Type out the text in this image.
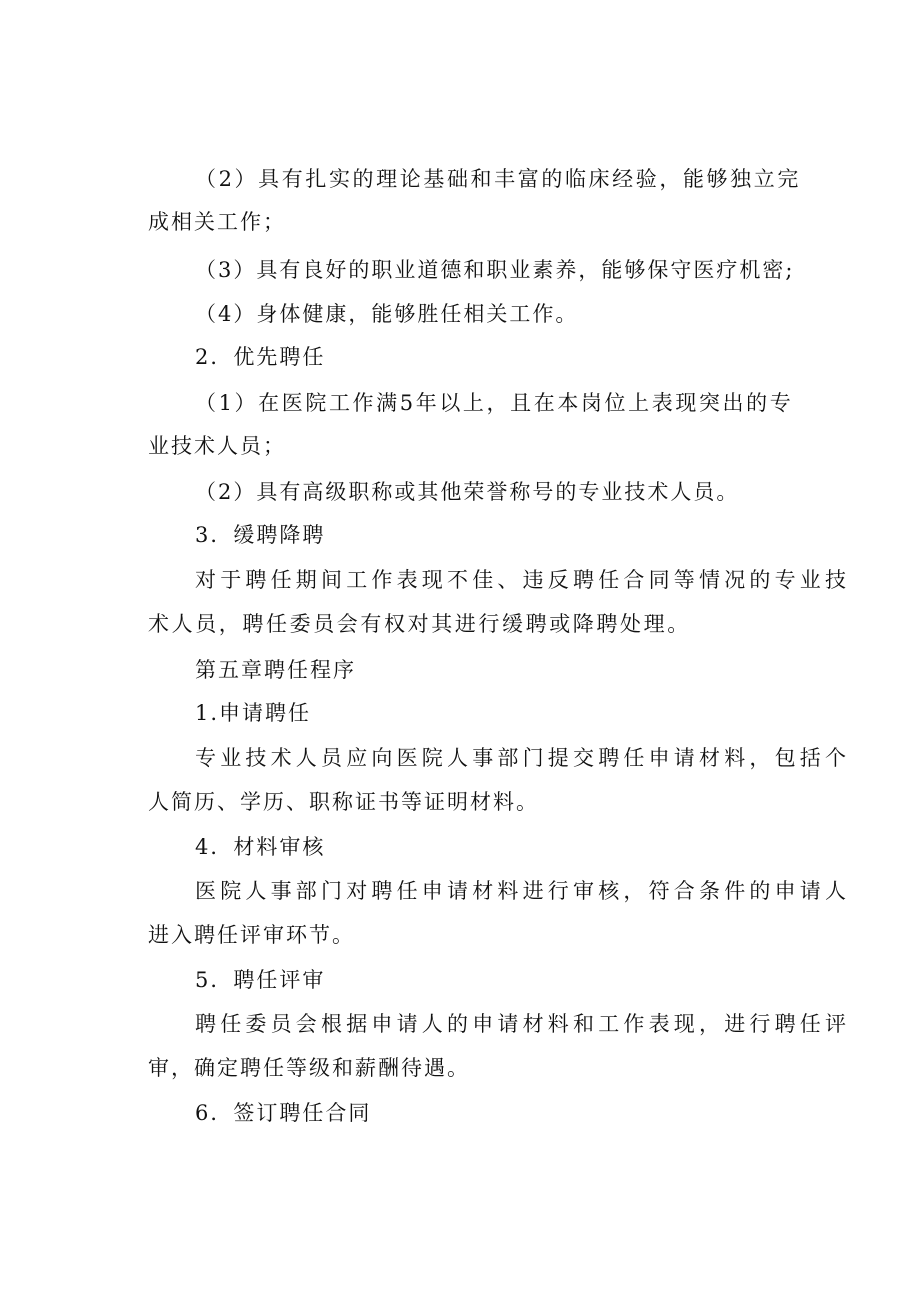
（2）具有扎实的理论基础和丰富的临床经验，能够独立完
成相关工作；
（3）具有良好的职业道德和职业素养，能够保守医疗机密;
（4）身体健康，能够胜任相关工作。
2．优先聘任
（1）在医院工作满5年以上，且在本岗位上表现突出的专
业技术人员；
（2）具有高级职称或其他荣誉称号的专业技术人员。
3．缓聘降聘
对于聘任期间工作表现不佳、违反聘任合同等情况的专业技
术人员，聘任委员会有权对其进行缓聘或降聘处理。
第五章聘任程序
1.申请聘任
专业技术人员应向医院人事部门提交聘任申请材料，包括个
人简历、学历、职称证书等证明材料。
4．材料审核
医院人事部门对聘任申请材料进行审核，符合条件的申请人
进入聘任评审环节。
5．聘任评审
聘任委员会根据申请人的申请材料和工作表现，进行聘任评
审，确定聘任等级和薪酬待遇。
6．签订聘任合同
